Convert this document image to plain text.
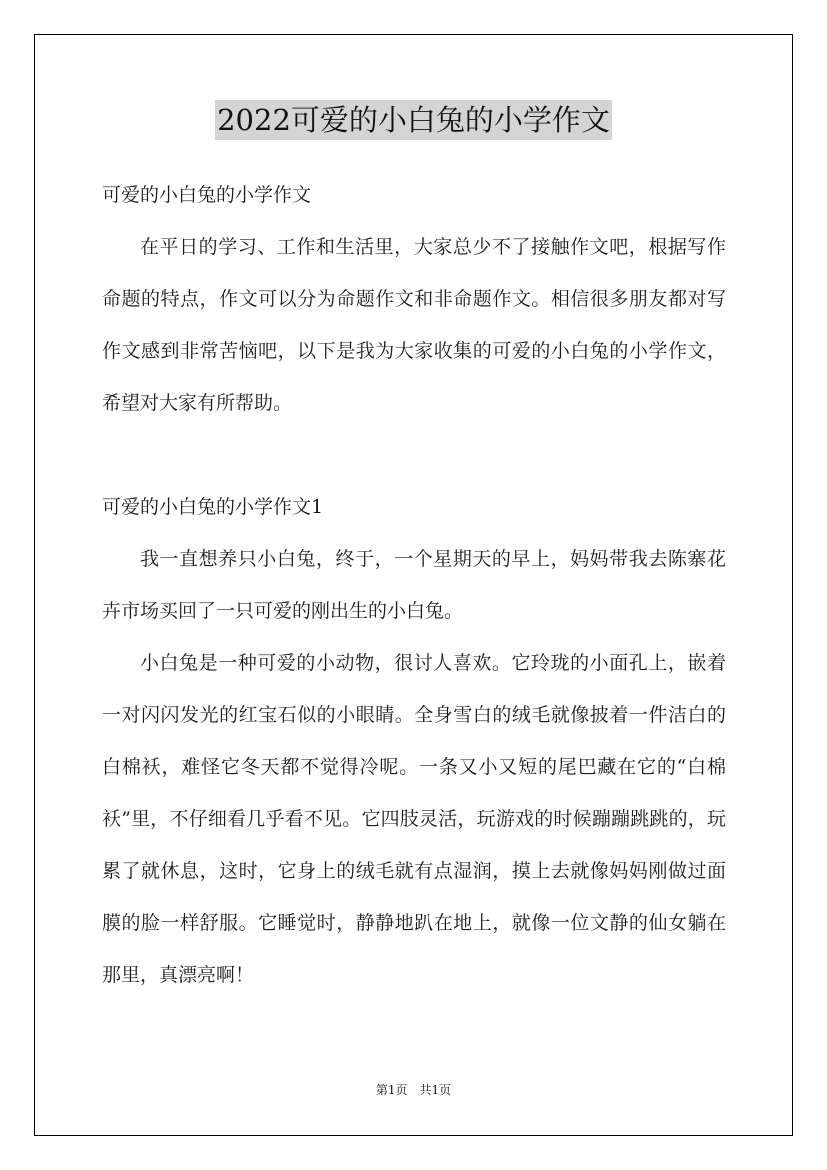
2022可爱的小白兔的小学作文

可爱的小白兔的小学作文

在平日的学习、工作和生活里，大家总少不了接触作文吧，根据写作命题的特点，作文可以分为命题作文和非命题作文。相信很多朋友都对写作文感到非常苦恼吧，以下是我为大家收集的可爱的小白兔的小学作文，希望对大家有所帮助。

可爱的小白兔的小学作文1

我一直想养只小白兔，终于，一个星期天的早上，妈妈带我去陈寨花卉市场买回了一只可爱的刚出生的小白兔。

小白兔是一种可爱的小动物，很讨人喜欢。它玲珑的小面孔上，嵌着一对闪闪发光的红宝石似的小眼睛。全身雪白的绒毛就像披着一件洁白的白棉袄，难怪它冬天都不觉得冷呢。一条又小又短的尾巴藏在它的“白棉袄”里，不仔细看几乎看不见。它四肢灵活，玩游戏的时候蹦蹦跳跳的，玩累了就休息，这时，它身上的绒毛就有点湿润，摸上去就像妈妈刚做过面膜的脸一样舒服。它睡觉时，静静地趴在地上，就像一位文静的仙女躺在那里，真漂亮啊！

第1页 共1页
